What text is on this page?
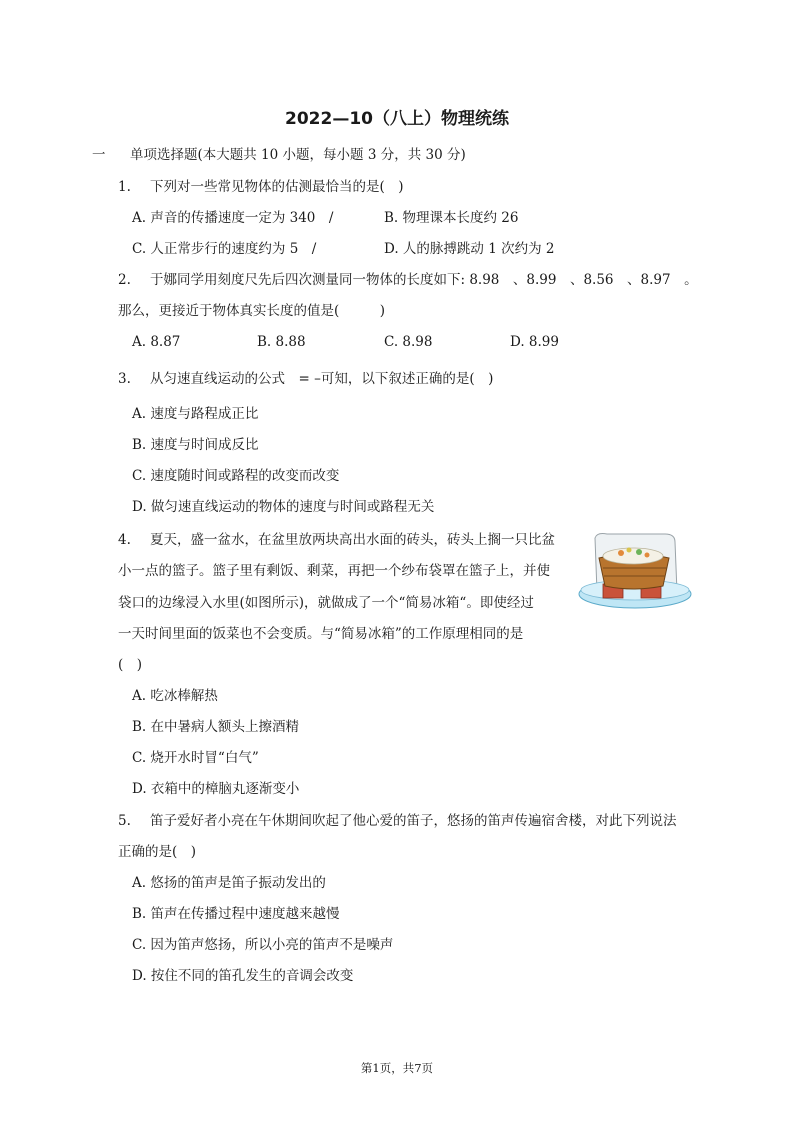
2022—10（八上）物理统练
一 单项选择题(本大题共 10 小题，每小题 3 分，共 30 分)
1. 下列对一些常见物体的估测最恰当的是(　)
A. 声音的传播速度一定为 340　/	B. 物理课本长度约 26
C. 人正常步行的速度约为 5　/	D. 人的脉搏跳动 1 次约为 2
2. 于娜同学用刻度尺先后四次测量同一物体的长度如下: 8.98　、8.99　、8.56　、8.97　。
那么，更接近于物体真实长度的值是(　　　)
A. 8.87	B. 8.88	C. 8.98	D. 8.99
3. 从匀速直线运动的公式　= –可知，以下叙述正确的是(　)
A. 速度与路程成正比
B. 速度与时间成反比
C. 速度随时间或路程的改变而改变
D. 做匀速直线运动的物体的速度与时间或路程无关
4. 夏天，盛一盆水，在盆里放两块高出水面的砖头，砖头上搁一只比盆
小一点的篮子。篮子里有剩饭、剩菜，再把一个纱布袋罩在篮子上，并使
袋口的边缘浸入水里(如图所示)，就做成了一个“简易冰箱“。即使经过
一天时间里面的饭菜也不会变质。与“简易冰箱”的工作原理相同的是
(　)
A. 吃冰棒解热
B. 在中暑病人额头上擦酒精
C. 烧开水时冒“白气”
D. 衣箱中的樟脑丸逐渐变小
5. 笛子爱好者小亮在午休期间吹起了他心爱的笛子，悠扬的笛声传遍宿舍楼，对此下列说法
正确的是(　)
A. 悠扬的笛声是笛子振动发出的
B. 笛声在传播过程中速度越来越慢
C. 因为笛声悠扬，所以小亮的笛声不是噪声
D. 按住不同的笛孔发生的音调会改变
第1页，共7页
